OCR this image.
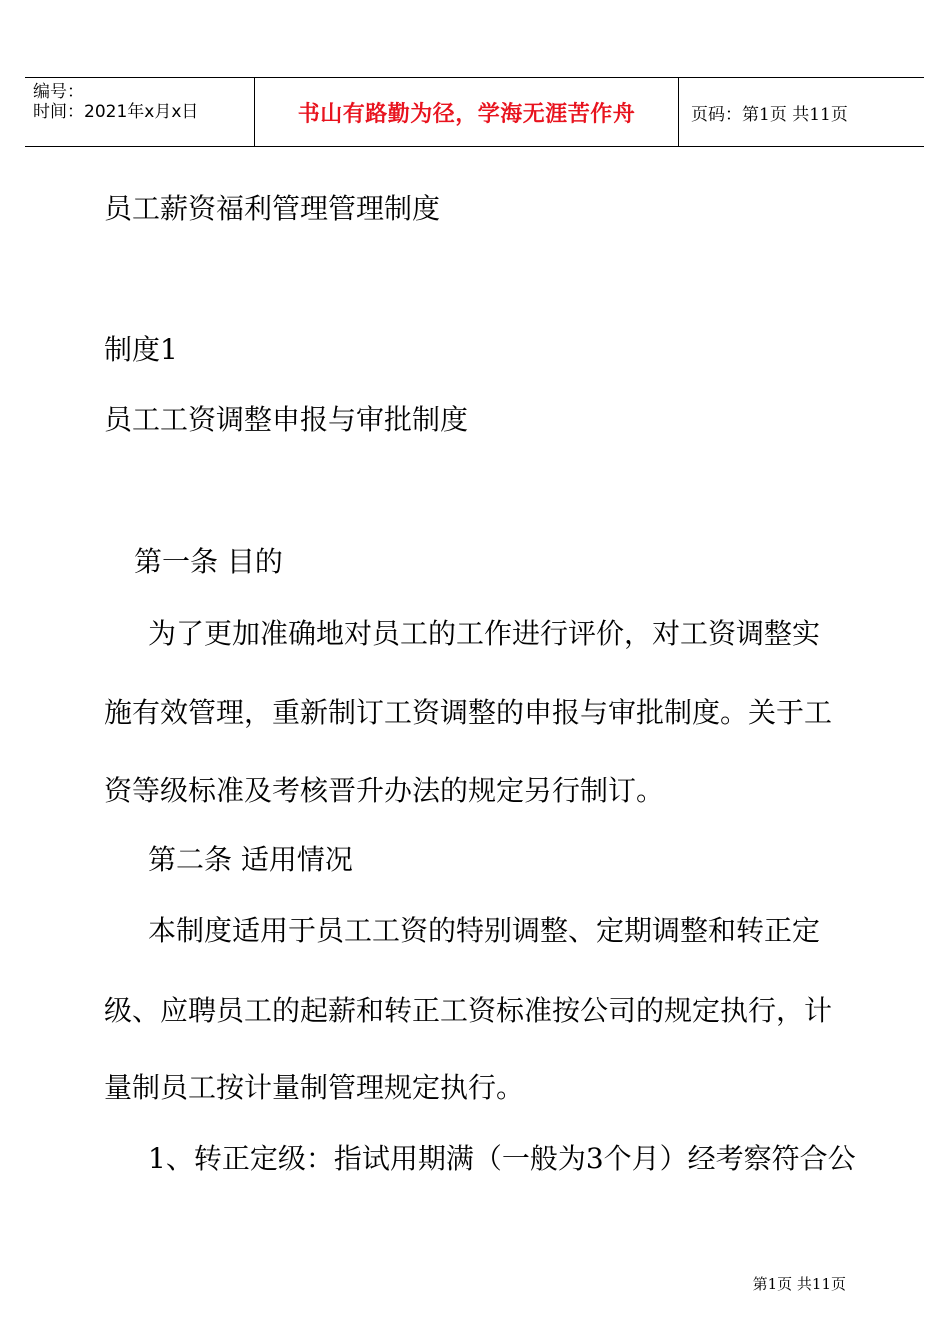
编号：
时间：2021年x月x日	书山有路勤为径，学海无涯苦作舟	页码：第1页 共11页
员工薪资福利管理管理制度
制度1
员工工资调整申报与审批制度
第一条 目的
为了更加准确地对员工的工作进行评价，对工资调整实
施有效管理，重新制订工资调整的申报与审批制度。关于工
资等级标准及考核晋升办法的规定另行制订。
第二条 适用情况
本制度适用于员工工资的特别调整、定期调整和转正定
级、应聘员工的起薪和转正工资标准按公司的规定执行，计
量制员工按计量制管理规定执行。
1、转正定级：指试用期满（一般为3个月）经考察符合公
第1页 共11页
